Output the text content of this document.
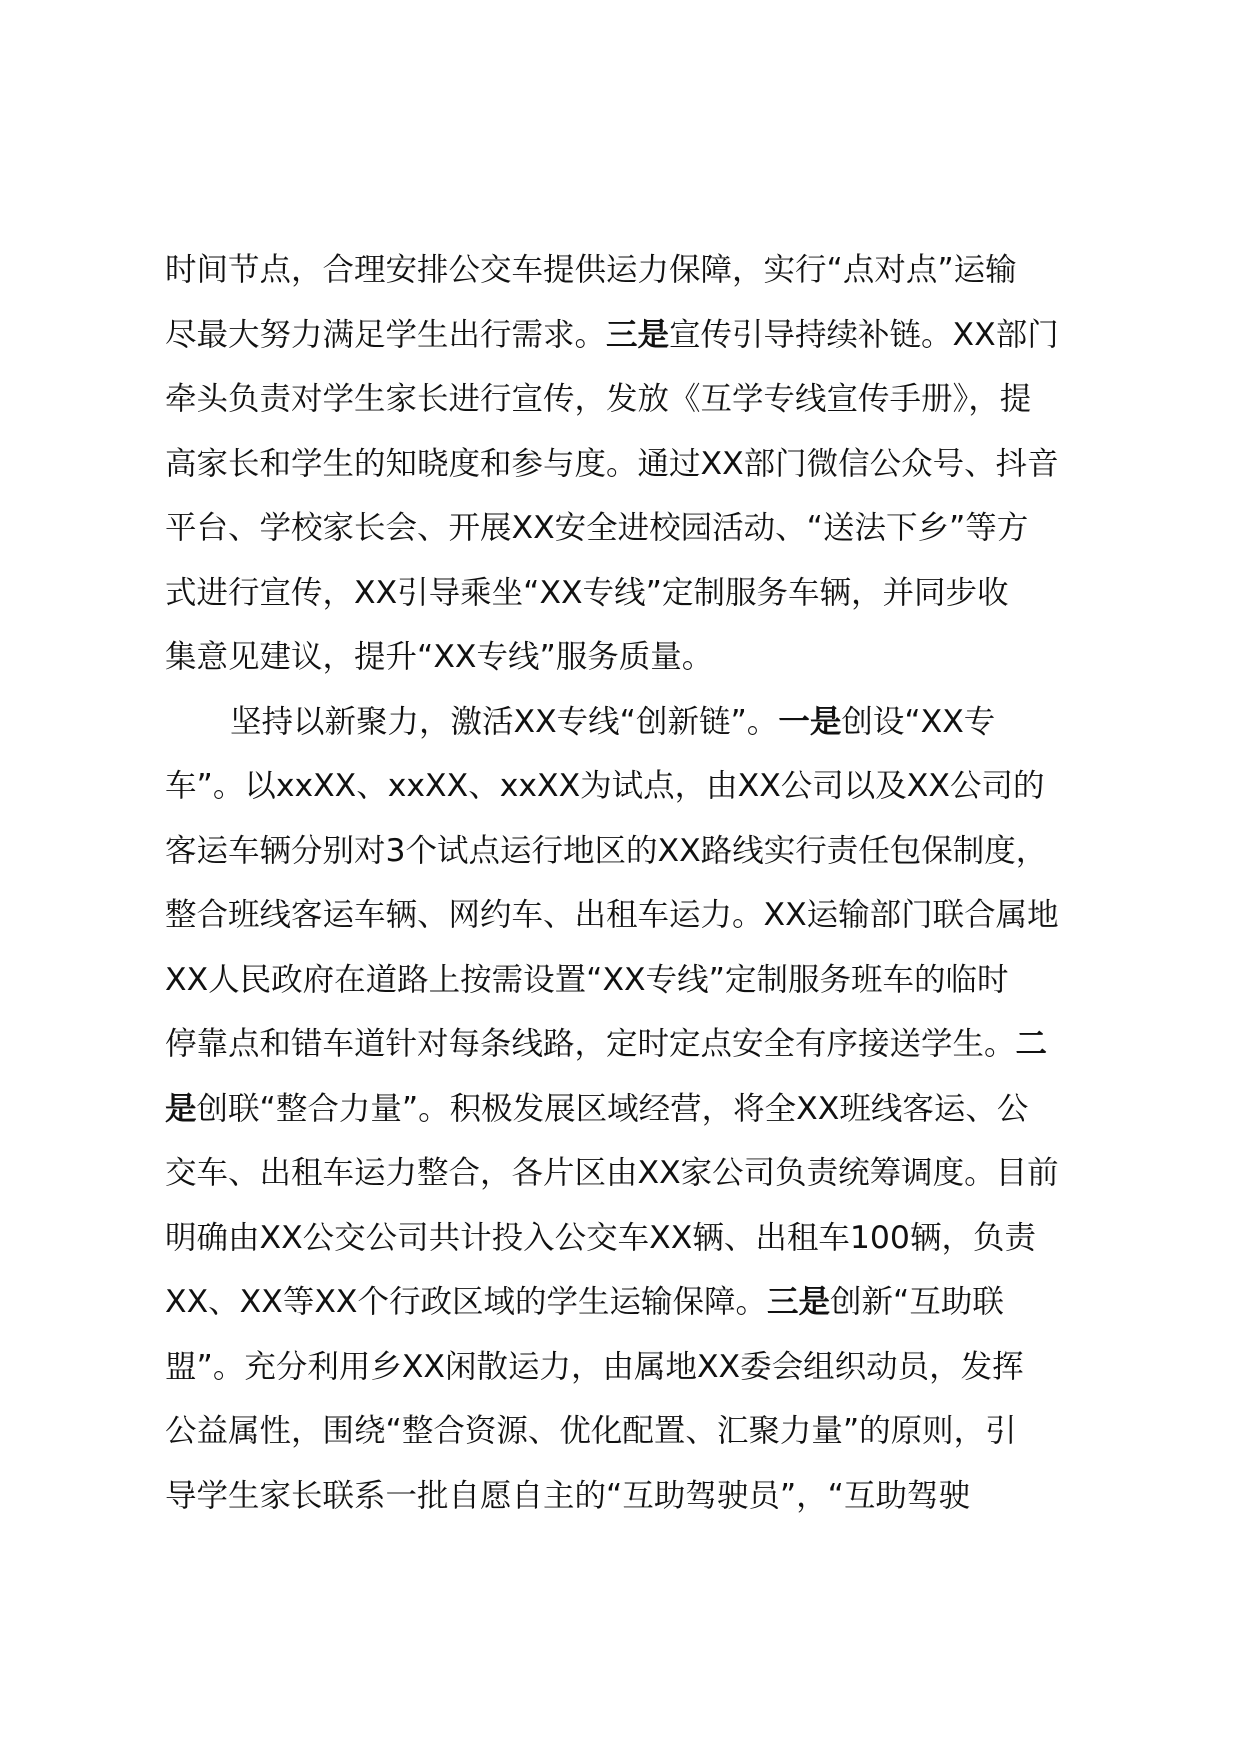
时间节点，合理安排公交车提供运力保障，实行“点对点”运输
尽最大努力满足学生出行需求。三是宣传引导持续补链。XX部门
牵头负责对学生家长进行宣传，发放《互学专线宣传手册》，提
高家长和学生的知晓度和参与度。通过XX部门微信公众号、抖音
平台、学校家长会、开展XX安全进校园活动、“送法下乡”等方
式进行宣传，XX引导乘坐“XX专线”定制服务车辆，并同步收
集意见建议，提升“XX专线”服务质量。
坚持以新聚力，激活XX专线“创新链”。一是创设“XX专
车”。以xxXX、xxXX、xxXX为试点，由XX公司以及XX公司的
客运车辆分别对3个试点运行地区的XX路线实行责任包保制度，
整合班线客运车辆、网约车、出租车运力。XX运输部门联合属地
XX人民政府在道路上按需设置“XX专线”定制服务班车的临时
停靠点和错车道针对每条线路，定时定点安全有序接送学生。二
是创联“整合力量”。积极发展区域经营，将全XX班线客运、公
交车、出租车运力整合，各片区由XX家公司负责统筹调度。目前
明确由XX公交公司共计投入公交车XX辆、出租车100辆，负责
XX、XX等XX个行政区域的学生运输保障。三是创新“互助联
盟”。充分利用乡XX闲散运力，由属地XX委会组织动员，发挥
公益属性，围绕“整合资源、优化配置、汇聚力量”的原则，引
导学生家长联系一批自愿自主的“互助驾驶员”，“互助驾驶
